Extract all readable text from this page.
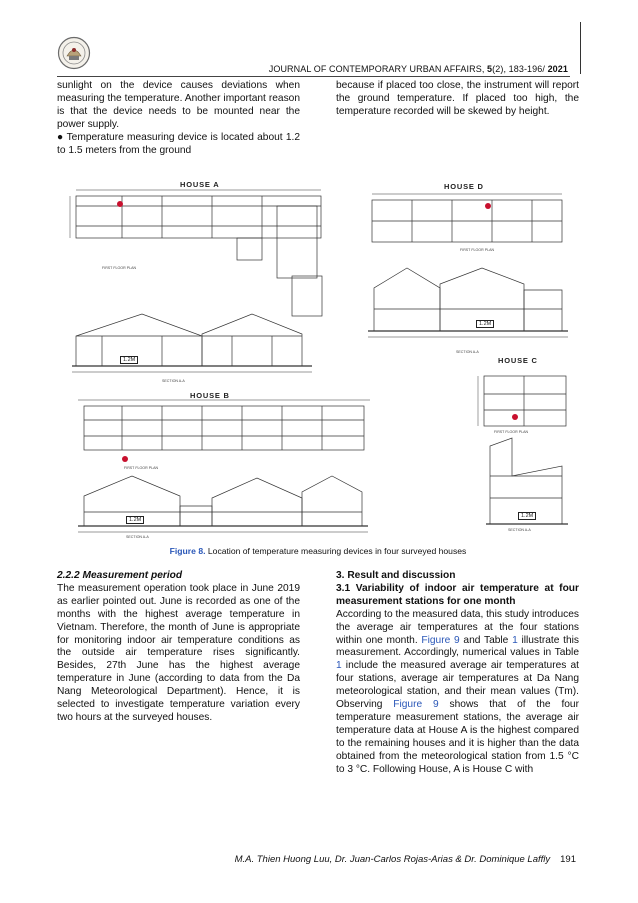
JOURNAL OF CONTEMPORARY URBAN AFFAIRS, 5(2), 183-196/ 2021

sunlight on the device causes deviations when measuring the temperature. Another important reason is that the device needs to be mounted near the power supply.

● Temperature measuring device is located about 1.2 to 1.5 meters from the ground

because if placed too close, the instrument will report the ground temperature. If placed too high, the temperature recorded will be skewed by height.

HOUSE A	HOUSE D
HOUSE C
HOUSE B
FIRST FLOOR PLAN
SECTION A-A
FIRST FLOOR PLAN
SECTION A-A
FIRST FLOOR PLAN
SECTION A-A
FIRST FLOOR PLAN
SECTION A-A
1.2M
1.2M
1.2M
1.2M
Figure 8. Location of temperature measuring devices in four surveyed houses

2.2.2 Measurement period

The measurement operation took place in June 2019 as earlier pointed out. June is recorded as one of the months with the highest average temperature in Vietnam. Therefore, the month of June is appropriate for monitoring indoor air temperature conditions as the outside air temperature rises significantly. Besides, 27th June has the highest average temperature in June (according to data from the Da Nang Meteorological Department). Hence, it is selected to investigate temperature variation every two hours at the surveyed houses.

3. Result and discussion

3.1 Variability of indoor air temperature at four measurement stations for one month

According to the measured data, this study introduces the average air temperatures at the four stations within one month. Figure 9 and Table 1 illustrate this measurement. Accordingly, numerical values in Table 1 include the measured average air temperatures at four stations, average air temperatures at Da Nang meteorological station, and their mean values (Tm). Observing Figure 9 shows that of the four temperature measurement stations, the average air temperature data at House A is the highest compared to the remaining houses and it is higher than the data obtained from the meteorological station from 1.5 °C to 3 °C. Following House, A is House C with

M.A. Thien Huong Luu, Dr. Juan-Carlos Rojas-Arias & Dr. Dominique Laffly 191
